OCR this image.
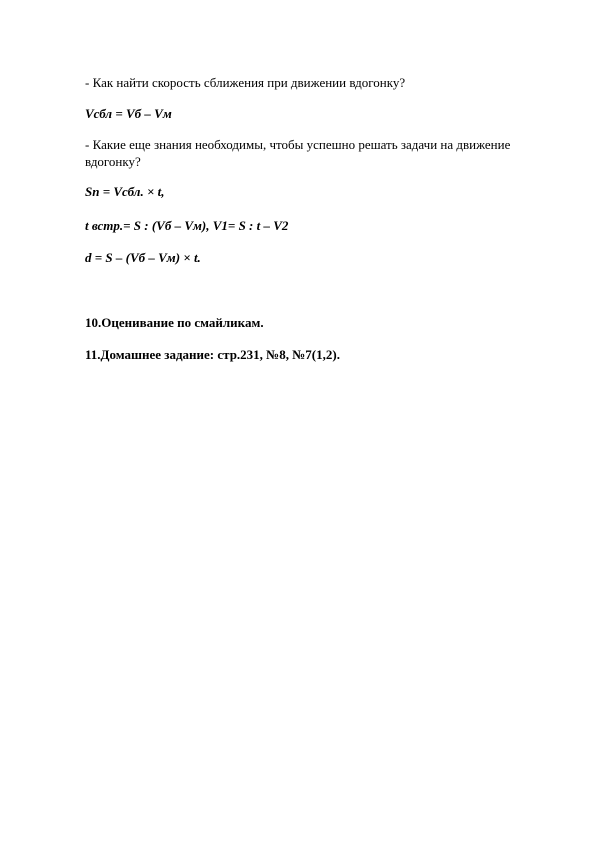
- Как найти скорость сближения при движении вдогонку?
Vсбл = Vб – Vм
- Какие еще знания необходимы, чтобы успешно решать задачи на движение вдогонку?
Sп = Vсбл. × t,
t встр.= S : (Vб – Vм), V1= S : t – V2
d = S – (Vб – Vм) × t.
10.Оценивание по смайликам.
11.Домашнее задание: стр.231, №8, №7(1,2).
